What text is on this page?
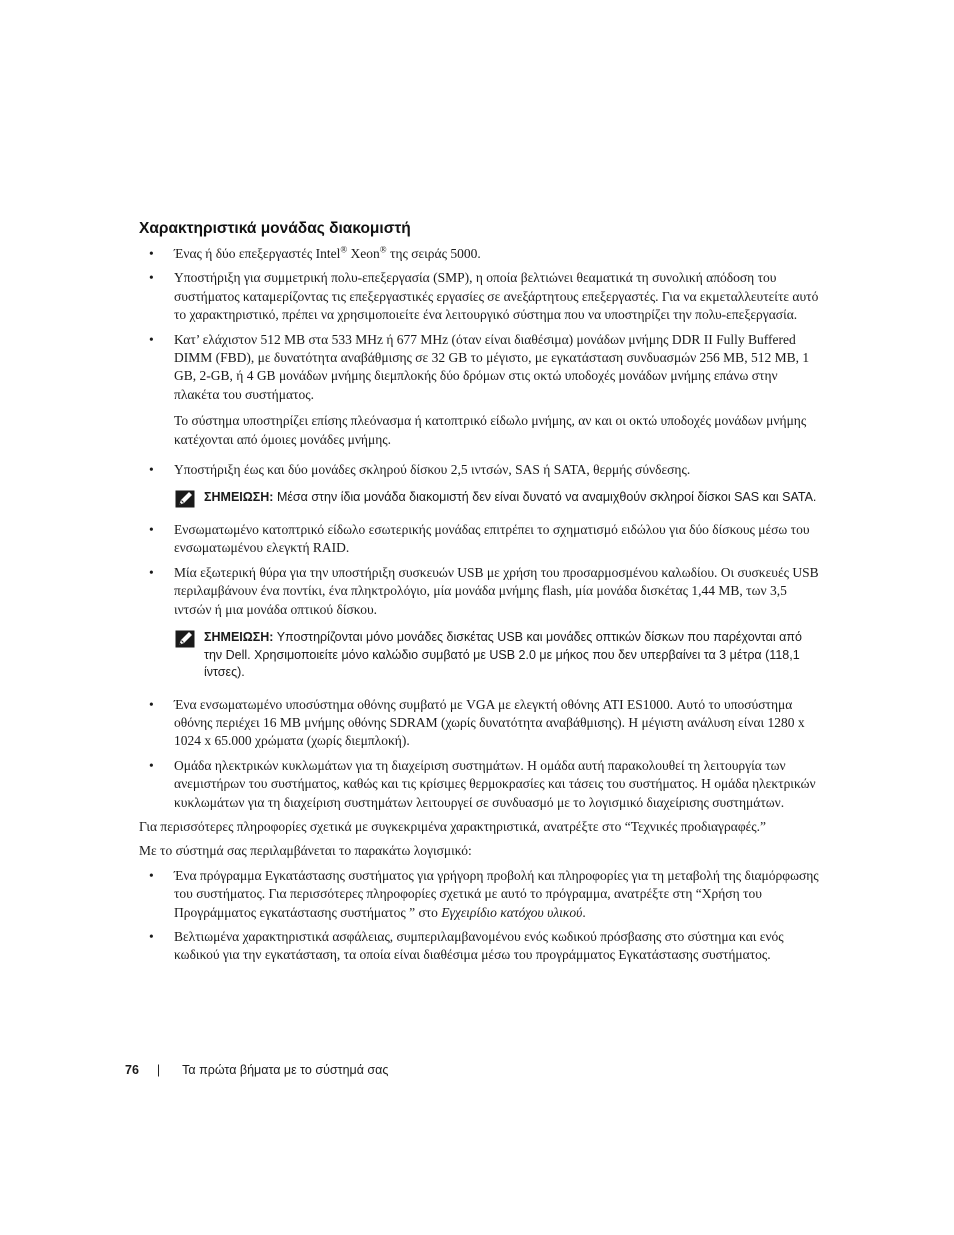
Χαρακτηριστικά μονάδας διακομιστή
• Ένας ή δύο επεξεργαστές Intel® Xeon® της σειράς 5000.
• Υποστήριξη για συμμετρική πολυ-επεξεργασία (SMP), η οποία βελτιώνει θεαματικά τη συνολική απόδοση του συστήματος καταμερίζοντας τις επεξεργαστικές εργασίες σε ανεξάρτητους επεξεργαστές. Για να εκμεταλλευτείτε αυτό το χαρακτηριστικό, πρέπει να χρησιμοποιείτε ένα λειτουργικό σύστημα που να υποστηρίζει την πολυ-επεξεργασία.
• Κατ’ ελάχιστον 512 MB στα 533 MHz ή 677 MHz (όταν είναι διαθέσιμα) μονάδων μνήμης DDR II Fully Buffered DIMM (FBD), με δυνατότητα αναβάθμισης σε 32 GB το μέγιστο, με εγκατάσταση συνδυασμών 256 MB, 512 MB, 1 GB, 2-GB, ή 4 GB μονάδων μνήμης διεμπλοκής δύο δρόμων στις οκτώ υποδοχές μονάδων μνήμης επάνω στην πλακέτα του συστήματος.
Το σύστημα υποστηρίζει επίσης πλεόνασμα ή κατοπτρικό είδωλο μνήμης, αν και οι οκτώ υποδοχές μονάδων μνήμης κατέχονται από όμοιες μονάδες μνήμης.
• Υποστήριξη έως και δύο μονάδες σκληρού δίσκου 2,5 ιντσών, SAS ή SATA, θερμής σύνδεσης.
ΣΗΜΕΙΩΣΗ: Μέσα στην ίδια μονάδα διακομιστή δεν είναι δυνατό να αναμιχθούν σκληροί δίσκοι SAS και SATA.
• Ενσωματωμένο κατοπτρικό είδωλο εσωτερικής μονάδας επιτρέπει το σχηματισμό ειδώλου για δύο δίσκους μέσω του ενσωματωμένου ελεγκτή RAID.
• Μία εξωτερική θύρα για την υποστήριξη συσκευών USB με χρήση του προσαρμοσμένου καλωδίου. Οι συσκευές USB περιλαμβάνουν ένα ποντίκι, ένα πληκτρολόγιο, μία μονάδα μνήμης flash, μία μονάδα δισκέτας 1,44 MB, των 3,5 ιντσών ή μια μονάδα οπτικού δίσκου.
ΣΗΜΕΙΩΣΗ: Υποστηρίζονται μόνο μονάδες δισκέτας USB και μονάδες οπτικών δίσκων που παρέχονται από την Dell. Χρησιμοποιείτε μόνο καλώδιο συμβατό με USB 2.0 με μήκος που δεν υπερβαίνει τα 3 μέτρα (118,1 ίντσες).
• Ένα ενσωματωμένο υποσύστημα οθόνης συμβατό με VGA με ελεγκτή οθόνης ATI ES1000. Αυτό το υποσύστημα οθόνης περιέχει 16 MB μνήμης οθόνης SDRAM (χωρίς δυνατότητα αναβάθμισης). Η μέγιστη ανάλυση είναι 1280 x 1024 x 65.000 χρώματα (χωρίς διεμπλοκή).
• Ομάδα ηλεκτρικών κυκλωμάτων για τη διαχείριση συστημάτων. Η ομάδα αυτή παρακολουθεί τη λειτουργία των ανεμιστήρων του συστήματος, καθώς και τις κρίσιμες θερμοκρασίες και τάσεις του συστήματος. Η ομάδα ηλεκτρικών κυκλωμάτων για τη διαχείριση συστημάτων λειτουργεί σε συνδυασμό με το λογισμικό διαχείρισης συστημάτων.

Για περισσότερες πληροφορίες σχετικά με συγκεκριμένα χαρακτηριστικά, ανατρέξτε στο “Τεχνικές προδιαγραφές.”

Με το σύστημά σας περιλαμβάνεται το παρακάτω λογισμικό:

• Ένα πρόγραμμα Εγκατάστασης συστήματος για γρήγορη προβολή και πληροφορίες για τη μεταβολή της διαμόρφωσης του συστήματος. Για περισσότερες πληροφορίες σχετικά με αυτό το πρόγραμμα, ανατρέξτε στη “Χρήση του Προγράμματος εγκατάστασης συστήματος ” στο Εγχειρίδιο κατόχου υλικού.
• Βελτιωμένα χαρακτηριστικά ασφάλειας, συμπεριλαμβανομένου ενός κωδικού πρόσβασης στο σύστημα και ενός κωδικού για την εγκατάσταση, τα οποία είναι διαθέσιμα μέσω του προγράμματος Εγκατάστασης συστήματος.
76 | Τα πρώτα βήματα με το σύστημά σας
